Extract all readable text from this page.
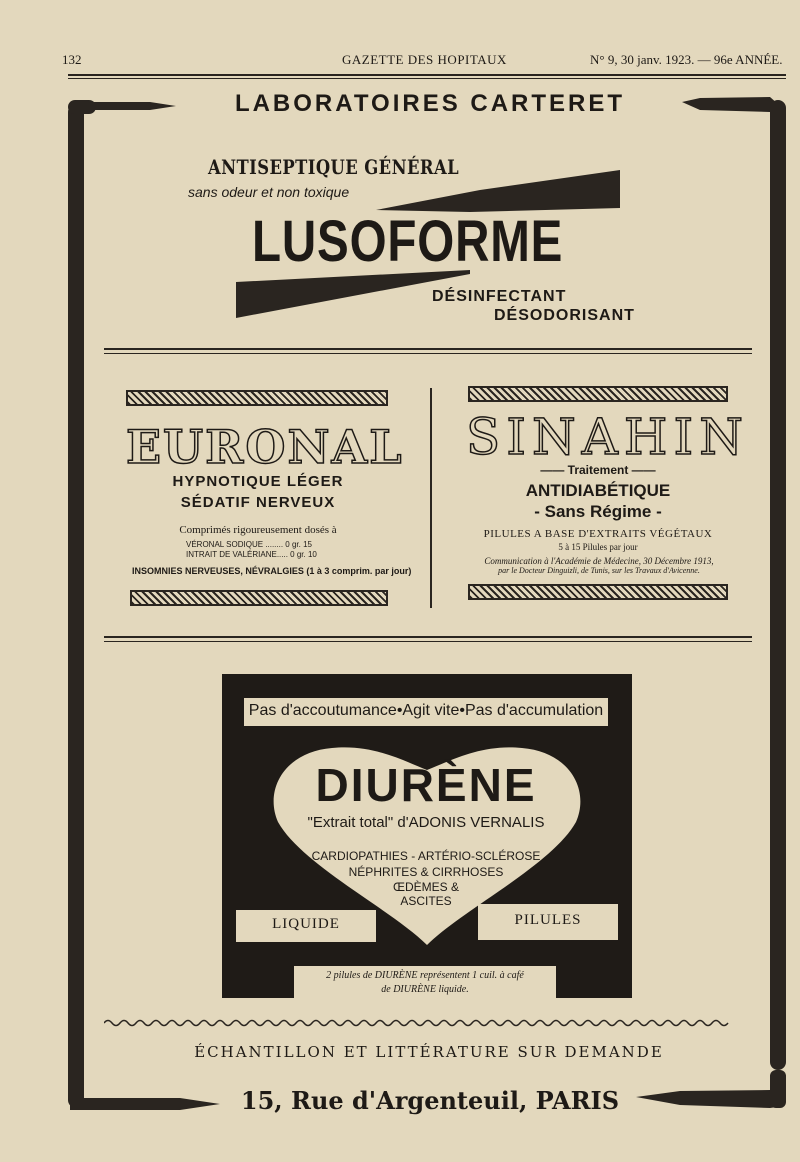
132	GAZETTE DES HOPITAUX	N° 9, 30 janv. 1923. — 96e ANNÉE.
LABORATOIRES CARTERET
ANTISEPTIQUE GÉNÉRAL
sans odeur et non toxique
LUSOFORME
DÉSINFECTANT
DÉSODORISANT
EURONAL
HYPNOTIQUE LÉGER
SÉDATIF NERVEUX
Comprimés rigoureusement dosés à
VÉRONAL SODIQUE ........ 0 gr. 15
INTRAIT DE VALÉRIANE..... 0 gr. 10
INSOMNIES NERVEUSES, NÉVRALGIES (1 à 3 comprim. par jour)
SINAHIN
—— Traitement ——
ANTIDIABÉTIQUE
- Sans Régime -
PILULES A BASE D'EXTRAITS VÉGÉTAUX
5 à 15 Pilules par jour
Communication à l'Académie de Médecine, 30 Décembre 1913,
par le Docteur Dinguizli, de Tunis, sur les Travaux d'Avicenne.
Pas d'accoutumance•Agit vite•Pas d'accumulation
DIURÈNE
"Extrait total" d'ADONIS VERNALIS
CARDIOPATHIES - ARTÉRIO-SCLÉROSE
NÉPHRITES & CIRRHOSES
ŒDÈMES &
ASCITES
LIQUIDE	PILULES
2 pilules de DIURÈNE représentent 1 cuil. à café
de DIURÈNE liquide.
ÉCHANTILLON ET LITTÉRATURE SUR DEMANDE
15, Rue d'Argenteuil, PARIS
